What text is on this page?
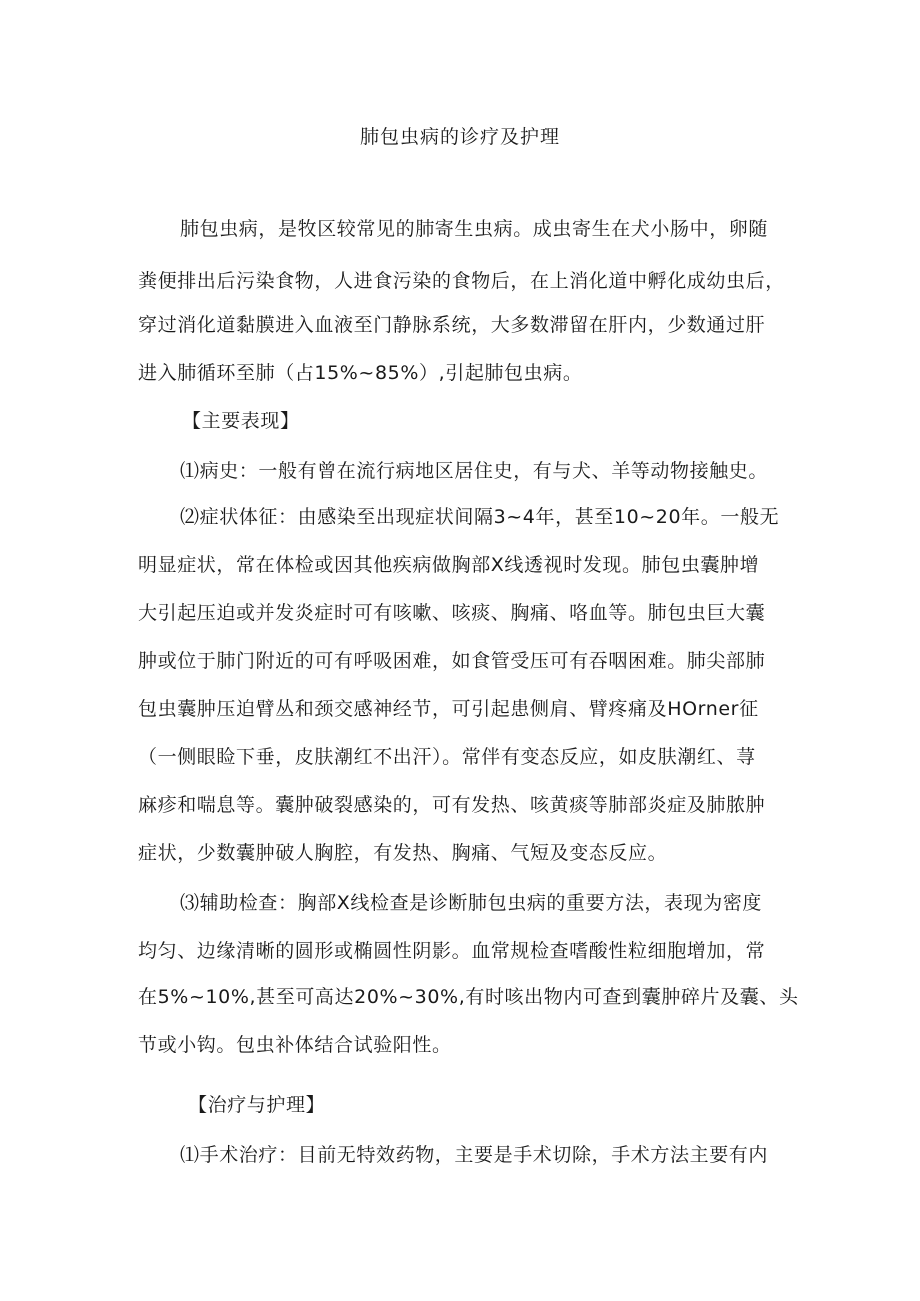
肺包虫病的诊疗及护理
肺包虫病，是牧区较常见的肺寄生虫病。成虫寄生在犬小肠中，卵随
粪便排出后污染食物，人进食污染的食物后，在上消化道中孵化成幼虫后，
穿过消化道黏膜进入血液至门静脉系统，大多数滞留在肝内，少数通过肝
进入肺循环至肺（占15%~85%）,引起肺包虫病。
【主要表现】
⑴病史：一般有曾在流行病地区居住史，有与犬、羊等动物接触史。
⑵症状体征：由感染至出现症状间隔3~4年，甚至10~20年。一般无
明显症状，常在体检或因其他疾病做胸部X线透视时发现。肺包虫囊肿增
大引起压迫或并发炎症时可有咳嗽、咳痰、胸痛、咯血等。肺包虫巨大囊
肿或位于肺门附近的可有呼吸困难，如食管受压可有吞咽困难。肺尖部肺
包虫囊肿压迫臂丛和颈交感神经节，可引起患侧肩、臂疼痛及HOrner征
（一侧眼睑下垂，皮肤潮红不出汗）。常伴有变态反应，如皮肤潮红、荨
麻疹和喘息等。囊肿破裂感染的，可有发热、咳黄痰等肺部炎症及肺脓肿
症状，少数囊肿破人胸腔，有发热、胸痛、气短及变态反应。
⑶辅助检查：胸部X线检查是诊断肺包虫病的重要方法，表现为密度
均匀、边缘清晰的圆形或椭圆性阴影。血常规检查嗜酸性粒细胞增加，常
在5%~10%,甚至可高达20%~30%,有时咳出物内可查到囊肿碎片及囊、头
节或小钩。包虫补体结合试验阳性。
【治疗与护理】
⑴手术治疗：目前无特效药物，主要是手术切除，手术方法主要有内
